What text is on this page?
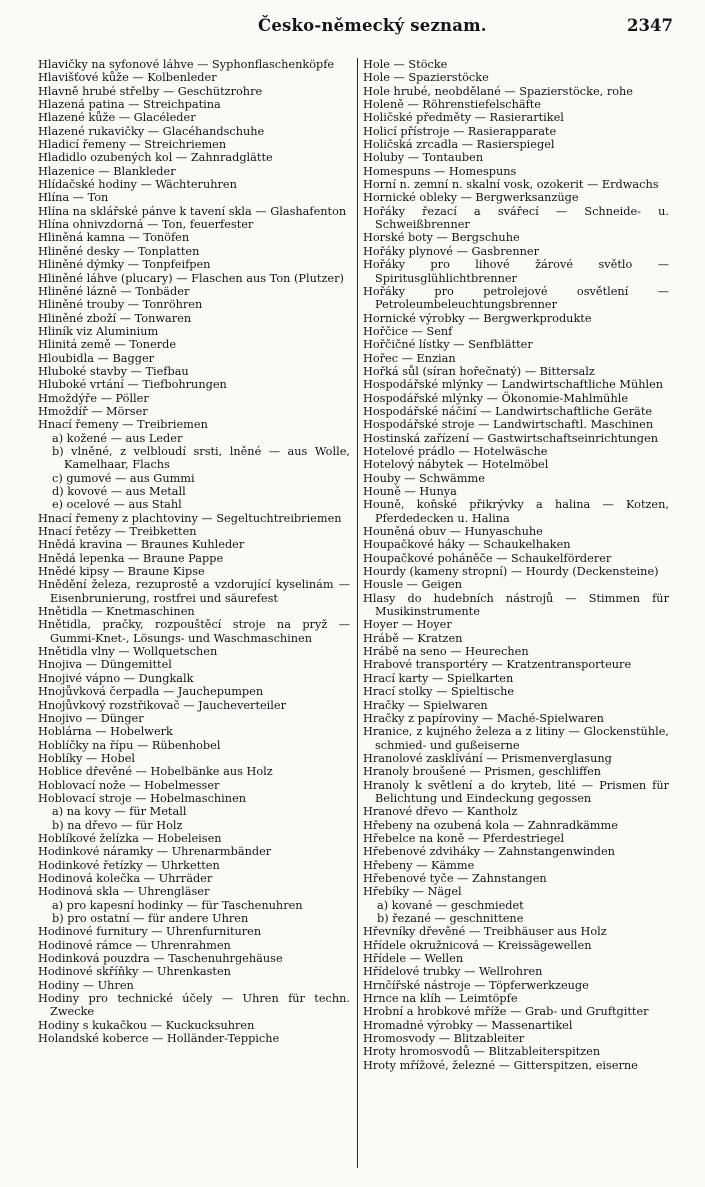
Česko-německý seznam.	2347
Hlavičky na syfonové láhve — Syphonflaschenköpfe
Hlavišťové kůže — Kolbenleder
Hlavně hrubé střelby — Geschützrohre
Hlazená patina — Streichpatina
Hlazené kůže — Glacéleder
Hlazené rukavičky — Glacéhandschuhe
Hladicí řemeny — Streichriemen
Hladidlo ozubených kol — Zahnradglätte
Hlazenice — Blankleder
Hlídačské hodiny — Wächteruhren
Hlína — Ton
Hlína na sklářské pánve k tavení skla — Glashafenton
Hlína ohnivzdorná — Ton, feuerfester
Hliněná kamna — Tonöfen
Hliněné desky — Tonplatten
Hliněné dýmky — Tonpfeifpen
Hliněné láhve (plucary) — Flaschen aus Ton (Plutzer)
Hliněné lázně — Tonbäder
Hliněné trouby — Tonröhren
Hliněné zboží — Tonwaren
Hliník viz Aluminium
Hlinitá země — Tonerde
Hloubidla — Bagger
Hluboké stavby — Tiefbau
Hluboké vrtání — Tiefbohrungen
Hmoždýře — Pöller
Hmoždíř — Mörser
Hnací řemeny — Treibriemen
a) kožené — aus Leder
b) vlněné, z velbloudí srsti, lněné — aus Wolle, Kamelhaar, Flachs
c) gumové — aus Gummi
d) kovové — aus Metall
e) ocelové — aus Stahl
Hnací řemeny z plachtoviny — Segeltuchtreibriemen
Hnací řetězy — Treibketten
Hnědá kravina — Braunes Kuhleder
Hnědá lepenka — Braune Pappe
Hnědé kipsy — Braune Kipse
Hnědění železa, rezuprostě a vzdorující kyselinám — Eisenbrunierung, rostfrei und säurefest
Hnětidla — Knetmaschinen
Hnětidla, pračky, rozpouštěcí stroje na pryž — Gummi-Knet-, Lösungs- und Waschmaschinen
Hnětidla vlny — Wollquetschen
Hnojiva — Düngemittel
Hnojivé vápno — Dungkalk
Hnojůvková čerpadla — Jauchepumpen
Hnojůvkový rozstřikovač — Jaucheverteiler
Hnojivo — Dünger
Hoblárna — Hobelwerk
Hoblíčky na řípu — Rübenhobel
Hoblíky — Hobel
Hoblice dřevěné — Hobelbänke aus Holz
Hoblovací nože — Hobelmesser
Hoblovací stroje — Hobelmaschinen
a) na kovy — für Metall
b) na dřevo — für Holz
Hoblíkové želízka — Hobeleisen
Hodinkové náramky — Uhrenarmbänder
Hodinkové řetízky — Uhrketten
Hodinová kolečka — Uhrräder
Hodinová skla — Uhrengläser
a) pro kapesní hodinky — für Taschenuhren
b) pro ostatní — für andere Uhren
Hodinové furnitury — Uhrenfurnituren
Hodinové rámce — Uhrenrahmen
Hodinková pouzdra — Taschenuhrgehäuse
Hodinové skříňky — Uhrenkasten
Hodiny — Uhren
Hodiny pro technické účely — Uhren für techn. Zwecke
Hodiny s kukačkou — Kuckucksuhren
Holandské koberce — Holländer-Teppiche
Hole — Stöcke
Hole — Spazierstöcke
Hole hrubé, neobdělané — Spazierstöcke, rohe
Holeně — Röhrenstiefelschäfte
Holičské předměty — Rasierartikel
Holicí přístroje — Rasierapparate
Holičská zrcadla — Rasierspiegel
Holuby — Tontauben
Homespuns — Homespuns
Horní n. zemní n. skalní vosk, ozokerit — Erdwachs
Hornické obleky — Bergwerksanzüge
Hořáky řezací a svářecí — Schneide- u. Schweißbrenner
Horské boty — Bergschuhe
Hořáky plynové — Gasbrenner
Hořáky pro lihové žárové světlo — Spiritusglühlichtbrenner
Hořáky pro petrolejové osvětlení — Petroleumbeleuchtungsbrenner
Hornické výrobky — Bergwerkprodukte
Hořčice — Senf
Hořčičné lístky — Senfblätter
Hořec — Enzian
Hořká sůl (síran hořečnatý) — Bittersalz
Hospodářské mlýnky — Landwirtschaftliche Mühlen
Hospodářské mlýnky — Ökonomie-Mahlmühle
Hospodářské náčiní — Landwirtschaftliche Geräte
Hospodářské stroje — Landwirtschaftl. Maschinen
Hostinská zařízení — Gastwirtschaftseinrichtungen
Hotelové prádlo — Hotelwäsche
Hotelový nábytek — Hotelmöbel
Houby — Schwämme
Houně — Hunya
Houně, koňské přikrývky a halina — Kotzen, Pferdedecken u. Halina
Houněná obuv — Hunyaschuhe
Houpačkové háky — Schaukelhaken
Houpačkové poháněče — Schaukelförderer
Hourdy (kameny stropní) — Hourdy (Deckensteine)
Housle — Geigen
Hlasy do hudebních nástrojů — Stimmen für Musikinstrumente
Hoyer — Hoyer
Hrábě — Kratzen
Hrábě na seno — Heurechen
Hrabové transportéry — Kratzentransporteure
Hrací karty — Spielkarten
Hrací stolky — Spieltische
Hračky — Spielwaren
Hračky z papíroviny — Maché-Spielwaren
Hranice, z kujného železa a z litiny — Glockenstühle, schmied- und gußeiserne
Hranolové zasklívání — Prismenverglasung
Hranoly broušené — Prismen, geschliffen
Hranoly k světlení a do kryteb, lité — Prismen für Belichtung und Eindeckung gegossen
Hranové dřevo — Kantholz
Hřebeny na ozubená kola — Zahnradkämme
Hřebelce na koně — Pferdestriegel
Hřebenové zdviháky — Zahnstangenwinden
Hřebeny — Kämme
Hřebenové tyče — Zahnstangen
Hřebíky — Nägel
a) kované — geschmiedet
b) řezané — geschnittene
Hřevníky dřevěné — Treibhäuser aus Holz
Hřídele okružnicová — Kreissägewellen
Hřídele — Wellen
Hřídelové trubky — Wellrohren
Hrnčířské nástroje — Töpferwerkzeuge
Hrnce na klíh — Leimtöpfe
Hrobní a hrobkové mříže — Grab- und Gruftgitter
Hromadné výrobky — Massenartikel
Hromosvody — Blitzableiter
Hroty hromosvodů — Blitzableiterspitzen
Hroty mřížové, železné — Gitterspitzen, eiserne
